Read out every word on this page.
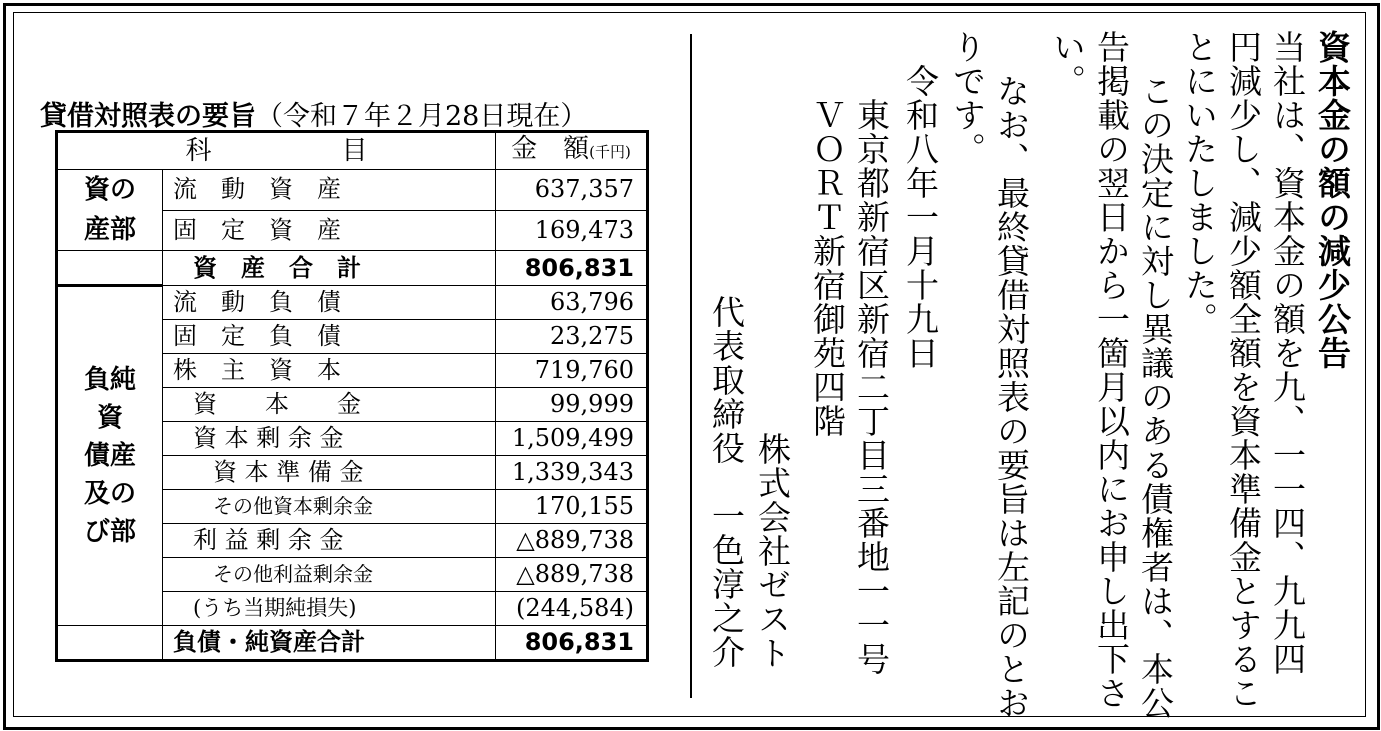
資本金の額の減少公告
当社は、資本金の額を九、一一四、九九四
円減少し、減少額全額を資本準備金とするこ
とにいたしました。
この決定に対し異議のある債権者は、本公
告掲載の翌日から一箇月以内にお申し出下さ
い。
なお、最終貸借対照表の要旨は左記のとお
りです。
令和八年一月十九日
東京都新宿区新宿二丁目三番地一一号
ＶＯＲＴ新宿御苑四階
株式会社ゼスト
代表取締役　一色淳之介
貸借対照表の要旨（令和７年２月28日現在）
科　　　　　目		金　額(千円)
資の
産部	流　動　資　産	637,357
	固　定　資　産	169,473
	資　産　合　計	806,831
負純
資
債産
及の
び部	流　動　負　債	63,796
	固　定　負　債	23,275
	株　主　資　本	719,760
	資　　本　　金	99,999
	資 本 剰 余 金	1,509,499
	資 本 準 備 金	1,339,343
	その他資本剰余金	170,155
	利 益 剰 余 金	△889,738
	その他利益剰余金	△889,738
	(うち当期純損失)	(244,584)
	負債・純資産合計	806,831
